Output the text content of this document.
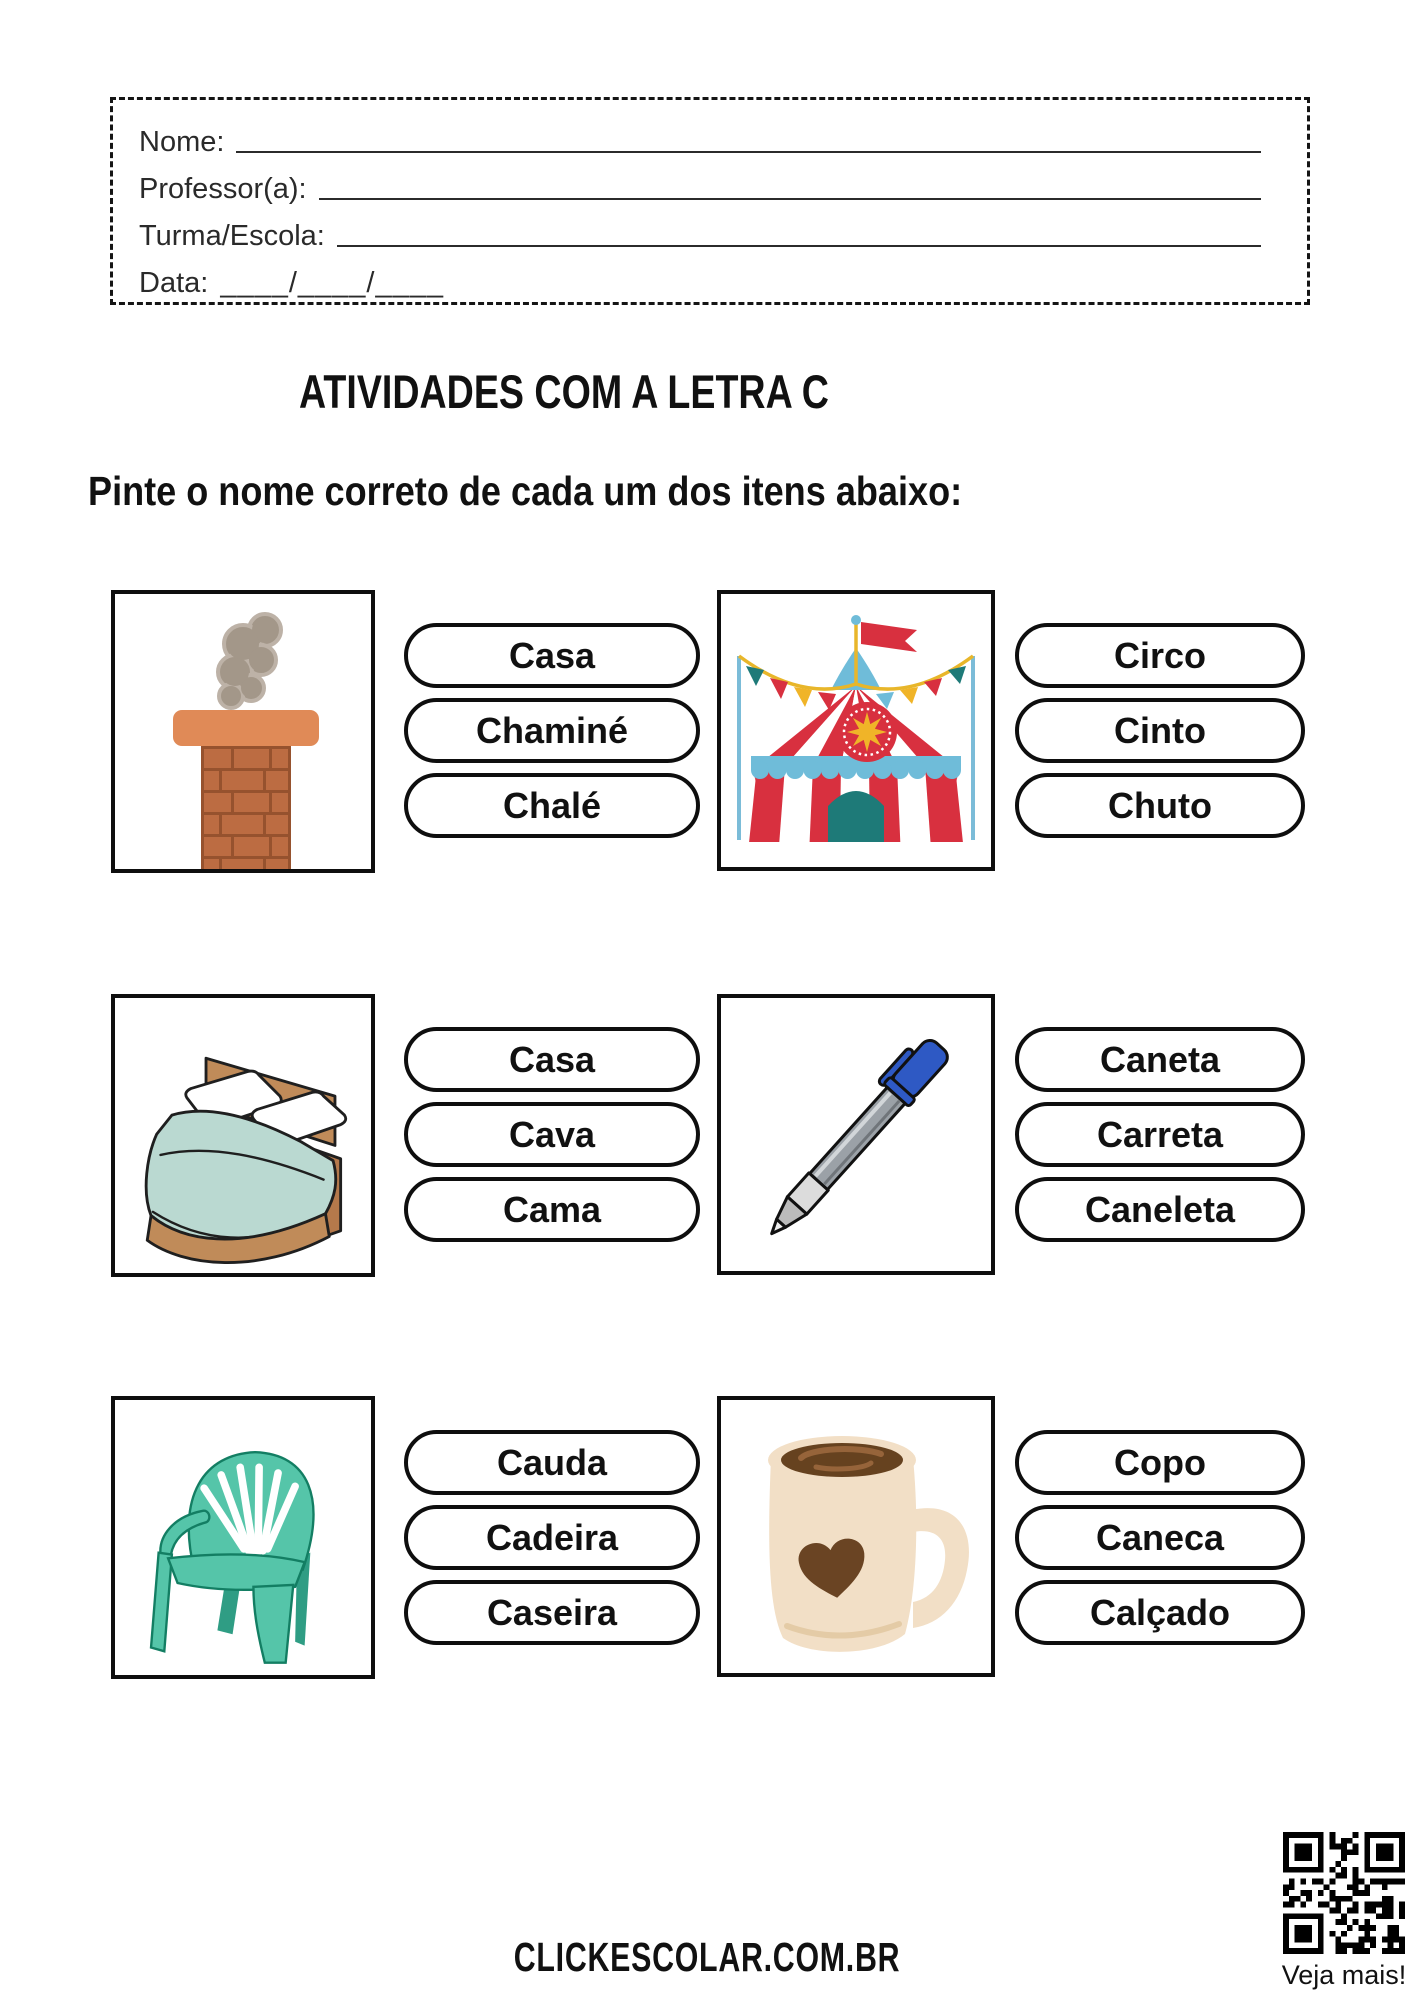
Nome:
Professor(a):
Turma/Escola:
Data: ____/____/____
ATIVIDADES COM A LETRA C
Pinte o nome correto de cada um dos itens abaixo:
Casa
Chaminé
Chalé
Circo
Cinto
Chuto
Casa
Cava
Cama
Caneta
Carreta
Caneleta
Cauda
Cadeira
Caseira
Copo
Caneca
Calçado
CLICKESCOLAR.COM.BR	Veja mais!
